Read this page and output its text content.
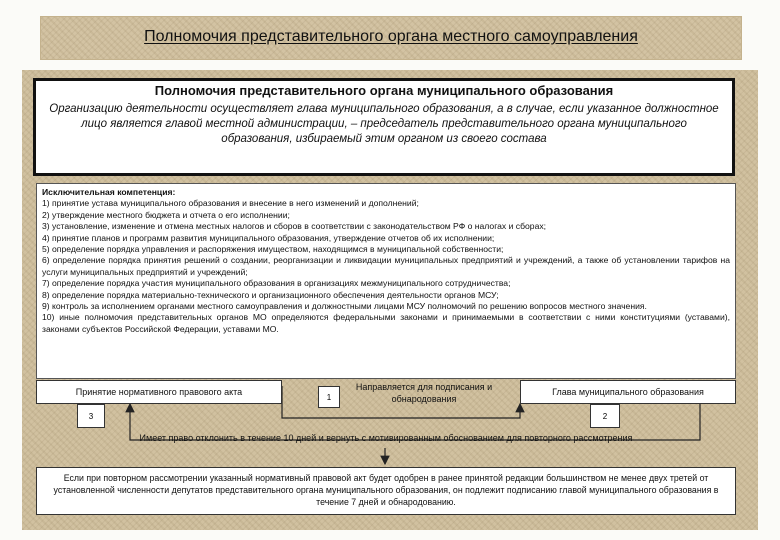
Полномочия представительного органа местного самоуправления
Полномочия представительного органа муниципального образования
Организацию деятельности осуществляет глава муниципального образования, а в случае, если указанное должностное лицо является главой местной администрации, – председатель представительного органа муниципального образования, избираемый этим органом из своего состава
Исключительная компетенция:
1) принятие устава муниципального образования и внесение в него изменений и дополнений;
2) утверждение местного бюджета и отчета о его исполнении;
3) установление, изменение и отмена местных налогов и сборов в соответствии с законодательством РФ о налогах и сборах;
4) принятие планов и программ развития муниципального образования, утверждение отчетов об их исполнении;
5) определение порядка управления и распоряжения имуществом, находящимся в муниципальной собственности;
6) определение порядка принятия решений о создании, реорганизации и ликвидации муниципальных предприятий и учреждений, а также об установлении тарифов на услуги муниципальных предприятий и учреждений;
7) определение порядка участия муниципального образования в организациях межмуниципального сотрудничества;
8) определение порядка материально-технического и организационного обеспечения деятельности органов МСУ;
9) контроль за исполнением органами местного самоуправления и должностными лицами МСУ полномочий по решению вопросов местного значения.
10) иные полномочия представительных органов МО определяются федеральными законами и принимаемыми в соответствии с ними конституциями (уставами), законами субъектов Российской Федерации, уставами МО.
Принятие нормативного правового акта
3
1
Направляется для подписания и обнародования
Глава муниципального образования
2
Имеет право отклонить в течение 10 дней и вернуть с мотивированным обоснованием для повторного рассмотрения
Если при повторном рассмотрении указанный нормативный правовой акт будет одобрен в ранее принятой редакции большинством не менее двух третей от установленной численности депутатов представительного органа муниципального образования, он подлежит подписанию главой муниципального образования в течение 7 дней и обнародованию.
